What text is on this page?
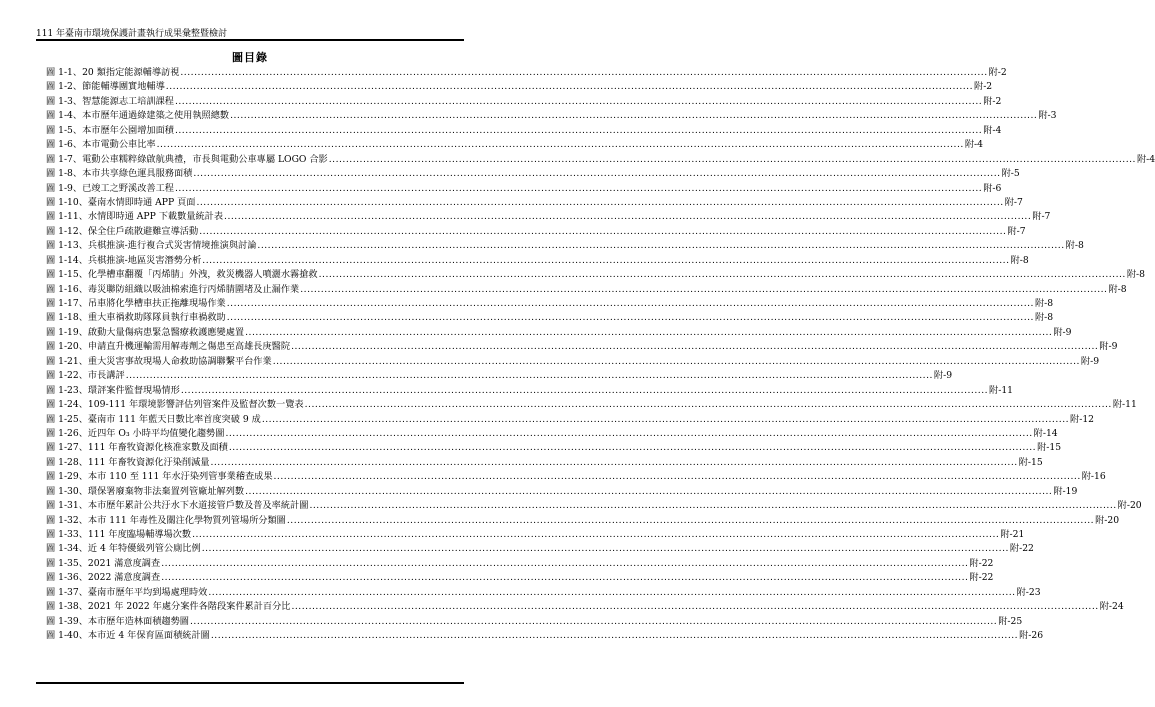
111 年臺南市環境保護計畫執行成果彙整暨檢討
圖目錄
圖 1-1、20 類指定能源輔導訪視 .....	附-2
圖 1-2、節能輔導團實地輔導 .....	附-2
圖 1-3、智慧能源志工培訓課程 .....	附-2
圖 1-4、本市歷年通過綠建築之使用執照總數 .....	附-3
圖 1-5、本市歷年公園增加面積 .....	附-4
圖 1-6、本市電動公車比率 .....	附-4
圖 1-7、電動公車糯粹綠啟航典禮，市長與電動公車專屬 LOGO 合影 .....	附-4
圖 1-8、本市共享綠色運具服務面積 .....	附-5
圖 1-9、已竣工之野溪改善工程 .....	附-6
圖 1-10、臺南水情即時通 APP 頁面 .....	附-7
圖 1-11、水情即時通 APP 下載數量統計表 .....	附-7
圖 1-12、保全住戶疏散避難宣導活動 .....	附-7
圖 1-13、兵棋推演-進行複合式災害情境推演與討論 .....	附-8
圖 1-14、兵棋推演-地區災害潛勢分析 .....	附-8
圖 1-15、化學槽車翻覆「丙烯腈」外洩，救災機器人噴灑水霧搶救 .....	附-8
圖 1-16、毒災聯防組織以吸油棉索進行丙烯腈圍堵及止漏作業 .....	附-8
圖 1-17、吊車將化學槽車扶正拖離現場作業 .....	附-8
圖 1-18、重大車禍救助隊隊員執行車禍救助 .....	附-8
圖 1-19、啟動大量傷病患緊急醫療救護應變處置 .....	附-9
圖 1-20、申請直升機運輸需用解毒劑之傷患至高雄長庚醫院 .....	附-9
圖 1-21、重大災害事故現場人命救助協調聯繫平台作業 .....	附-9
圖 1-22、市長講評 .....	附-9
圖 1-23、環評案件監督現場情形 .....	附-11
圖 1-24、109-111 年環境影響評估列管案件及監督次數一覽表 .....	附-11
圖 1-25、臺南市 111 年藍天日數比率首度突破 9 成 .....	附-12
圖 1-26、近四年 O₃ 小時平均值變化趨勢圖 .....	附-14
圖 1-27、111 年畜牧資源化核准家數及面積 .....	附-15
圖 1-28、111 年畜牧資源化汙染削減量 .....	附-15
圖 1-29、本市 110 至 111 年水汙染列管事業稽查成果 .....	附-16
圖 1-30、環保署廢棄物非法棄置列管廠址解列數 .....	附-19
圖 1-31、本市歷年累計公共汙水下水道接管戶數及普及率統計圖 .....	附-20
圖 1-32、本市 111 年毒性及關注化學物質列管場所分類圖 .....	附-20
圖 1-33、111 年度臨場輔導場次數 .....	附-21
圖 1-34、近 4 年特優級列管公廁比例 .....	附-22
圖 1-35、2021 滿意度調查 .....	附-22
圖 1-36、2022 滿意度調查 .....	附-22
圖 1-37、臺南市歷年平均到場處理時效 .....	附-23
圖 1-38、2021 年 2022 年處分案件各階段案件累計百分比 .....	附-24
圖 1-39、本市歷年造林面積趨勢圖 .....	附-25
圖 1-40、本市近 4 年保育區面積統計圖 .....	附-26
